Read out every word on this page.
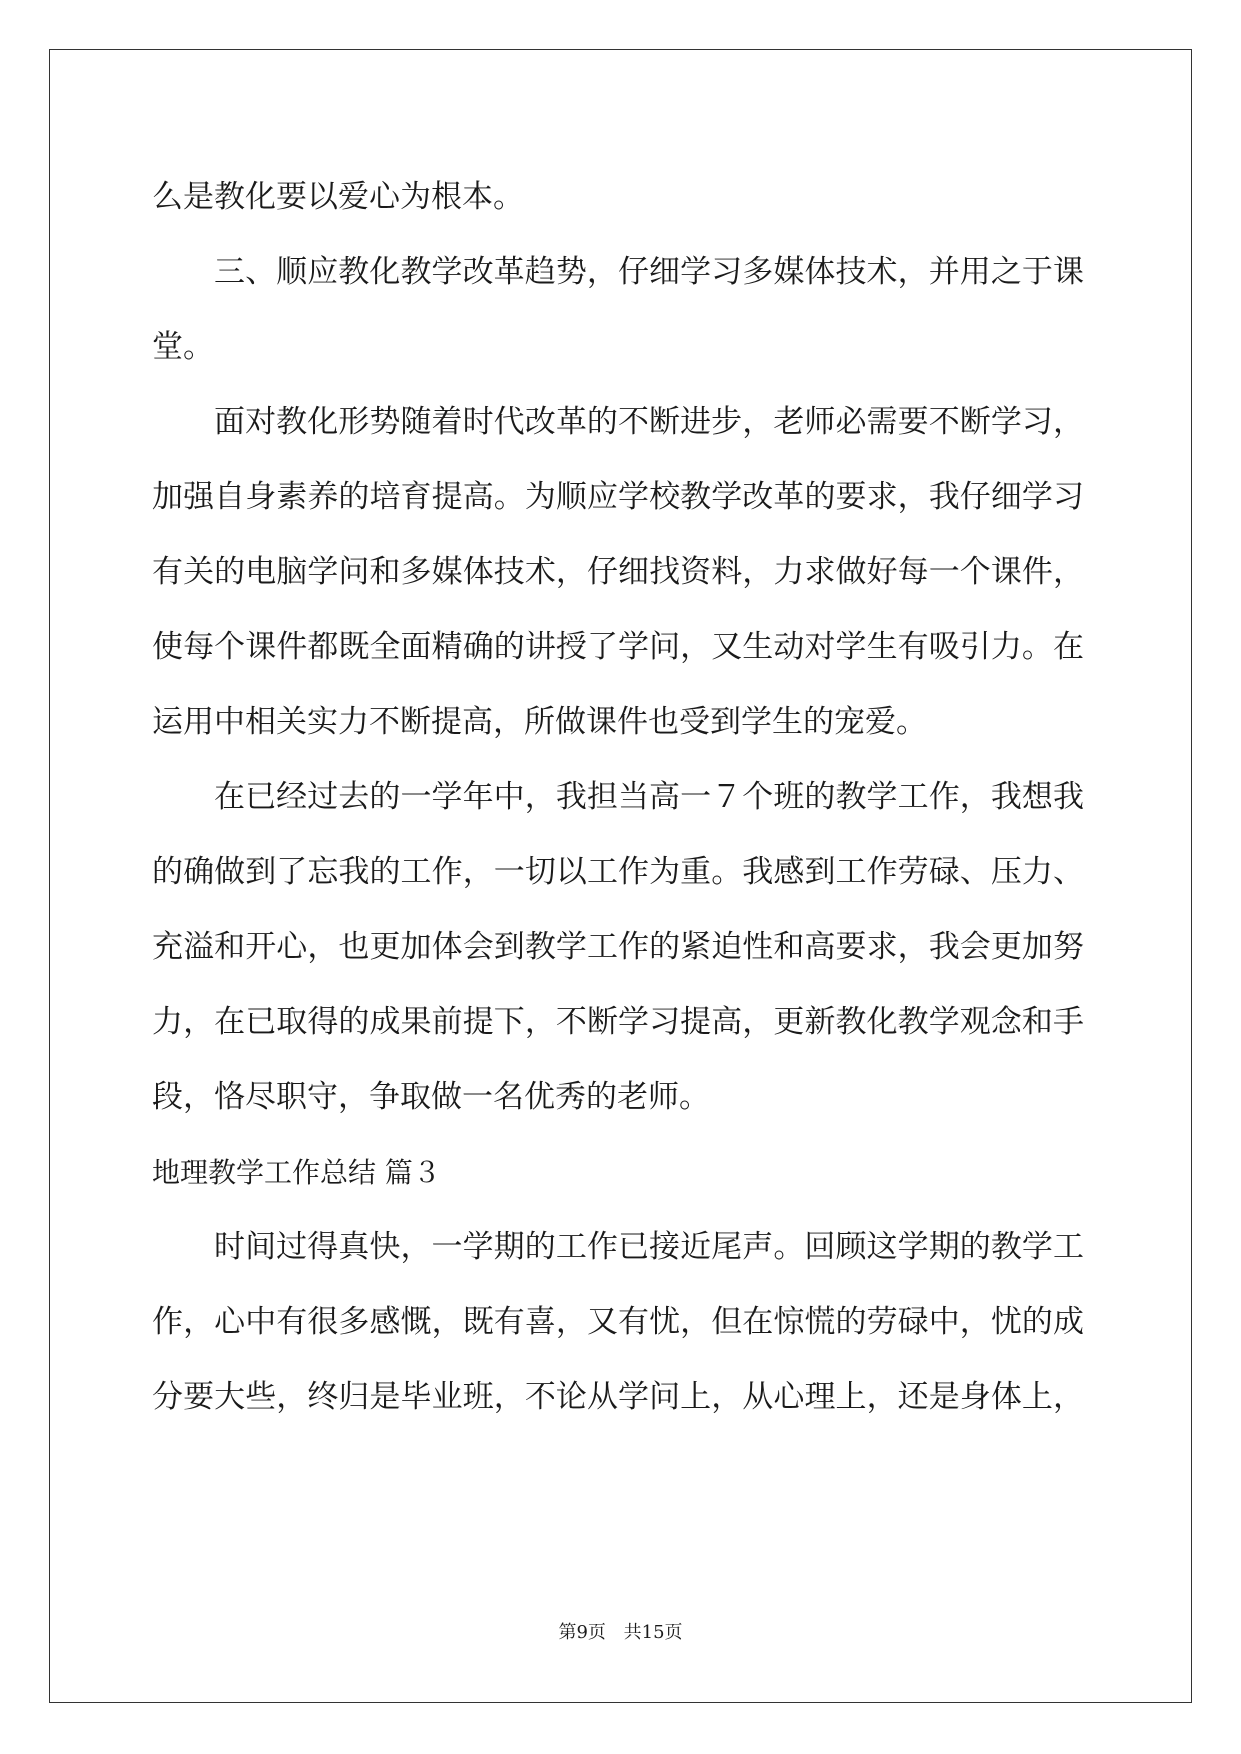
么是教化要以爱心为根本。
三、顺应教化教学改革趋势，仔细学习多媒体技术，并用之于课
堂。
面对教化形势随着时代改革的不断进步，老师必需要不断学习，
加强自身素养的培育提高。为顺应学校教学改革的要求，我仔细学习
有关的电脑学问和多媒体技术，仔细找资料，力求做好每一个课件，
使每个课件都既全面精确的讲授了学问，又生动对学生有吸引力。在
运用中相关实力不断提高，所做课件也受到学生的宠爱。
在已经过去的一学年中，我担当高一７个班的教学工作，我想我
的确做到了忘我的工作，一切以工作为重。我感到工作劳碌、压力、
充溢和开心，也更加体会到教学工作的紧迫性和高要求，我会更加努
力，在已取得的成果前提下，不断学习提高，更新教化教学观念和手
段，恪尽职守，争取做一名优秀的老师。
地理教学工作总结 篇３
时间过得真快，一学期的工作已接近尾声。回顾这学期的教学工
作，心中有很多感慨，既有喜，又有忧，但在惊慌的劳碌中，忧的成
分要大些，终归是毕业班，不论从学问上，从心理上，还是身体上，
第9页 共15页
